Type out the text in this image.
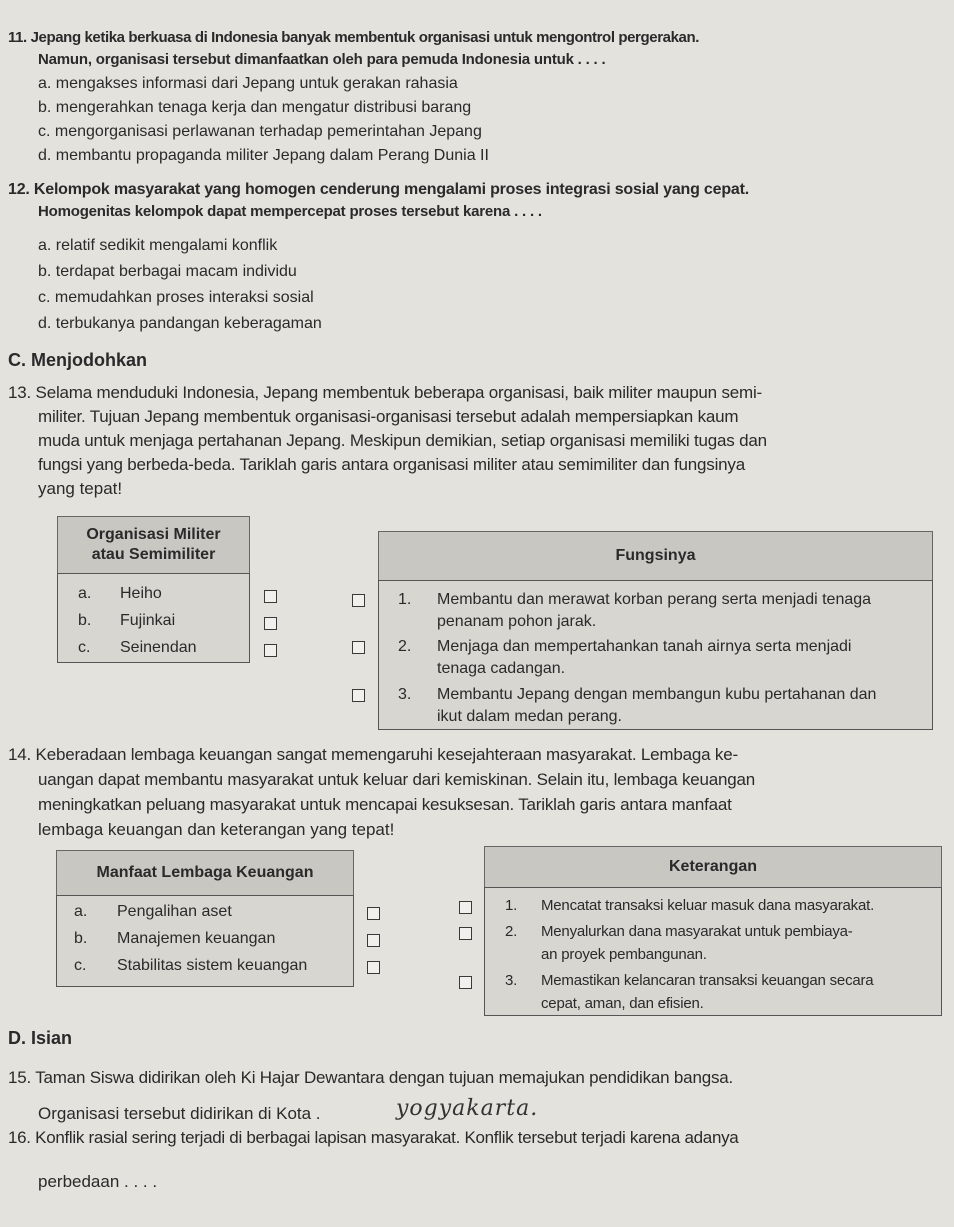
11. Jepang ketika berkuasa di Indonesia banyak membentuk organisasi untuk mengontrol pergerakan.
Namun, organisasi tersebut dimanfaatkan oleh para pemuda Indonesia untuk . . . .
a. mengakses informasi dari Jepang untuk gerakan rahasia
b. mengerahkan tenaga kerja dan mengatur distribusi barang
c. mengorganisasi perlawanan terhadap pemerintahan Jepang
d. membantu propaganda militer Jepang dalam Perang Dunia II
12. Kelompok masyarakat yang homogen cenderung mengalami proses integrasi sosial yang cepat.
Homogenitas kelompok dapat mempercepat proses tersebut karena . . . .
a. relatif sedikit mengalami konflik
b. terdapat berbagai macam individu
c. memudahkan proses interaksi sosial
d. terbukanya pandangan keberagaman
C. Menjodohkan
13. Selama menduduki Indonesia, Jepang membentuk beberapa organisasi, baik militer maupun semi-
militer. Tujuan Jepang membentuk organisasi-organisasi tersebut adalah mempersiapkan kaum
muda untuk menjaga pertahanan Jepang. Meskipun demikian, setiap organisasi memiliki tugas dan
fungsi yang berbeda-beda. Tariklah garis antara organisasi militer atau semimiliter dan fungsinya
yang tepat!
Organisasi Militer
atau Semimiliter
a. Heiho
b. Fujinkai
c. Seinendan
Fungsinya
1. Membantu dan merawat korban perang serta menjadi tenaga
penanam pohon jarak.
2. Menjaga dan mempertahankan tanah airnya serta menjadi
tenaga cadangan.
3. Membantu Jepang dengan membangun kubu pertahanan dan
ikut dalam medan perang.
14. Keberadaan lembaga keuangan sangat memengaruhi kesejahteraan masyarakat. Lembaga ke-
uangan dapat membantu masyarakat untuk keluar dari kemiskinan. Selain itu, lembaga keuangan
meningkatkan peluang masyarakat untuk mencapai kesuksesan. Tariklah garis antara manfaat
lembaga keuangan dan keterangan yang tepat!
Manfaat Lembaga Keuangan
a. Pengalihan aset
b. Manajemen keuangan
c. Stabilitas sistem keuangan
Keterangan
1. Mencatat transaksi keluar masuk dana masyarakat.
2. Menyalurkan dana masyarakat untuk pembiaya-
an proyek pembangunan.
3. Memastikan kelancaran transaksi keuangan secara
cepat, aman, dan efisien.
D. Isian
15. Taman Siswa didirikan oleh Ki Hajar Dewantara dengan tujuan memajukan pendidikan bangsa.
Organisasi tersebut didirikan di Kota .	yogyakarta.
16. Konflik rasial sering terjadi di berbagai lapisan masyarakat. Konflik tersebut terjadi karena adanya
perbedaan . . . .
